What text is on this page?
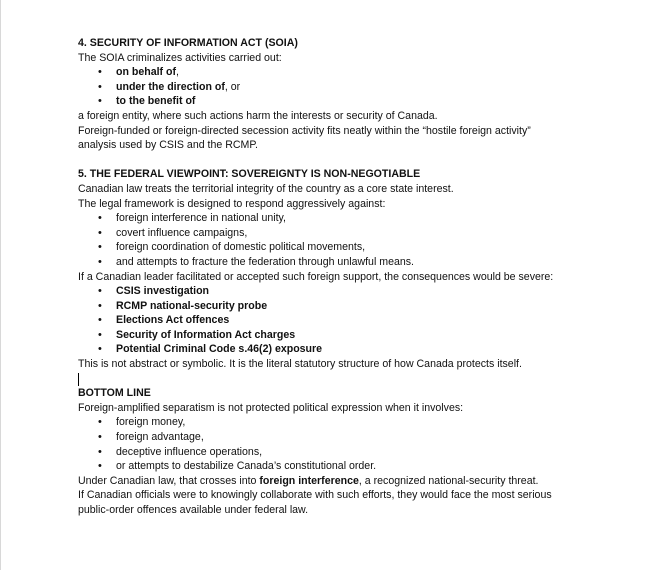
4. SECURITY OF INFORMATION ACT (SOIA)
The SOIA criminalizes activities carried out:
• on behalf of,
• under the direction of, or
• to the benefit of
a foreign entity, where such actions harm the interests or security of Canada.
Foreign-funded or foreign-directed secession activity fits neatly within the “hostile foreign activity”
analysis used by CSIS and the RCMP.
5. THE FEDERAL VIEWPOINT: SOVEREIGNTY IS NON-NEGOTIABLE
Canadian law treats the territorial integrity of the country as a core state interest.
The legal framework is designed to respond aggressively against:
• foreign interference in national unity,
• covert influence campaigns,
• foreign coordination of domestic political movements,
• and attempts to fracture the federation through unlawful means.
If a Canadian leader facilitated or accepted such foreign support, the consequences would be severe:
• CSIS investigation
• RCMP national-security probe
• Elections Act offences
• Security of Information Act charges
• Potential Criminal Code s.46(2) exposure
This is not abstract or symbolic. It is the literal statutory structure of how Canada protects itself.
BOTTOM LINE
Foreign-amplified separatism is not protected political expression when it involves:
• foreign money,
• foreign advantage,
• deceptive influence operations,
• or attempts to destabilize Canada’s constitutional order.
Under Canadian law, that crosses into foreign interference, a recognized national-security threat.
If Canadian officials were to knowingly collaborate with such efforts, they would face the most serious
public-order offences available under federal law.
